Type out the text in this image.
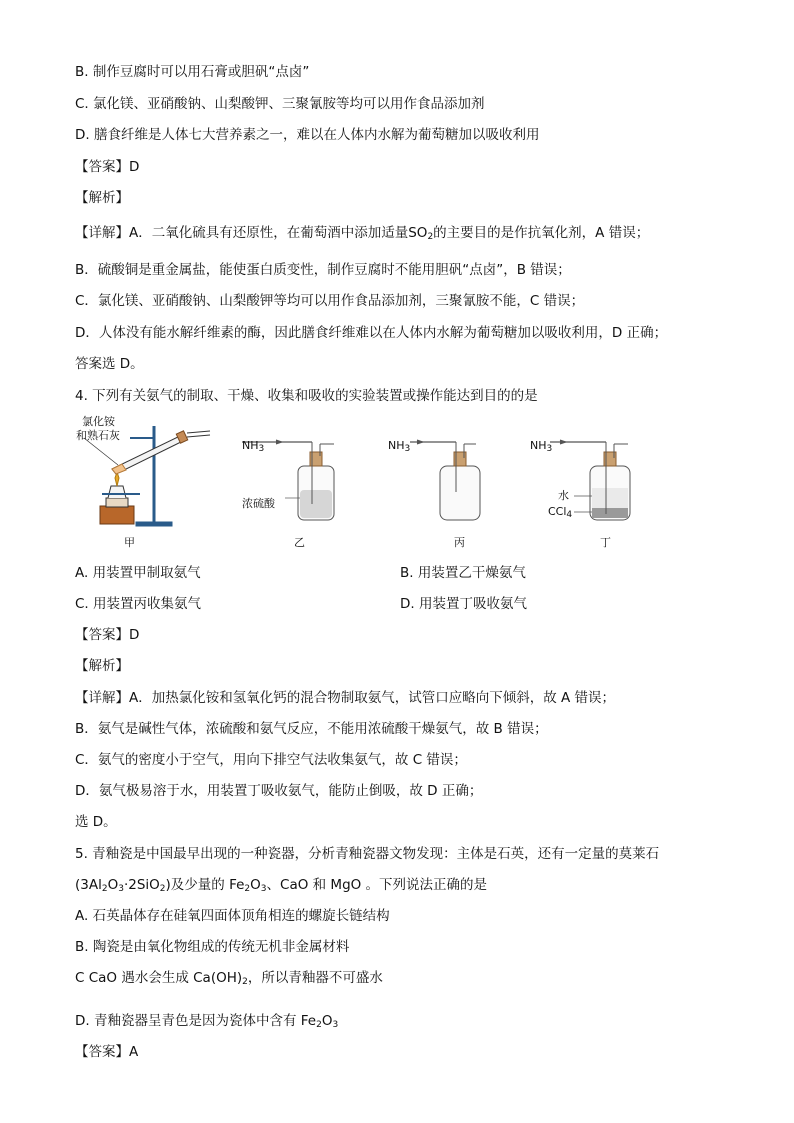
B. 制作豆腐时可以用石膏或胆矾“点卤”
C. 氯化镁、亚硝酸钠、山梨酸钾、三聚氰胺等均可以用作食品添加剂
D. 膳食纤维是人体七大营养素之一，难以在人体内水解为葡萄糖加以吸收利用
【答案】D
【解析】
【详解】A．二氧化硫具有还原性，在葡萄酒中添加适量$SO_2$的主要目的是作抗氧化剂，A 错误；
B．硫酸铜是重金属盐，能使蛋白质变性，制作豆腐时不能用胆矾“点卤”，B 错误；
C．氯化镁、亚硝酸钠、山梨酸钾等均可以用作食品添加剂，三聚氰胺不能，C 错误；
D．人体没有能水解纤维素的酶，因此膳食纤维难以在人体内水解为葡萄糖加以吸收利用，D 正确；
答案选 D。
4. 下列有关氨气的制取、干燥、收集和吸收的实验装置或操作能达到目的的是
氯化铵
和熟石灰
$NH_3$
浓硫酸
$NH_3$	$NH_3$
水
CCl$_4$
甲	乙	丙	丁
A. 用装置甲制取氨气	B. 用装置乙干燥氨气
C. 用装置丙收集氨气	D. 用装置丁吸收氨气
【答案】D
【解析】
【详解】A．加热氯化铵和氢氧化钙的混合物制取氨气，试管口应略向下倾斜，故 A 错误；
B．氨气是碱性气体，浓硫酸和氨气反应，不能用浓硫酸干燥氨气，故 B 错误；
C．氨气的密度小于空气，用向下排空气法收集氨气，故 C 错误；
D．氨气极易溶于水，用装置丁吸收氨气，能防止倒吸，故 D 正确；
选 D。
5. 青釉瓷是中国最早出现的一种瓷器，分析青釉瓷器文物发现：主体是石英，还有一定量的莫莱石
$(3Al_2O_3\cdot 2SiO_2)$及少量的 $Fe_2O_3$、CaO 和 MgO 。下列说法正确的是
A. 石英晶体存在硅氧四面体顶角相连的螺旋长链结构
B. 陶瓷是由氧化物组成的传统无机非金属材料
C CaO 遇水会生成 $Ca(OH)_2$，所以青釉器不可盛水
D. 青釉瓷器呈青色是因为瓷体中含有 $Fe_2O_3$
【答案】A
